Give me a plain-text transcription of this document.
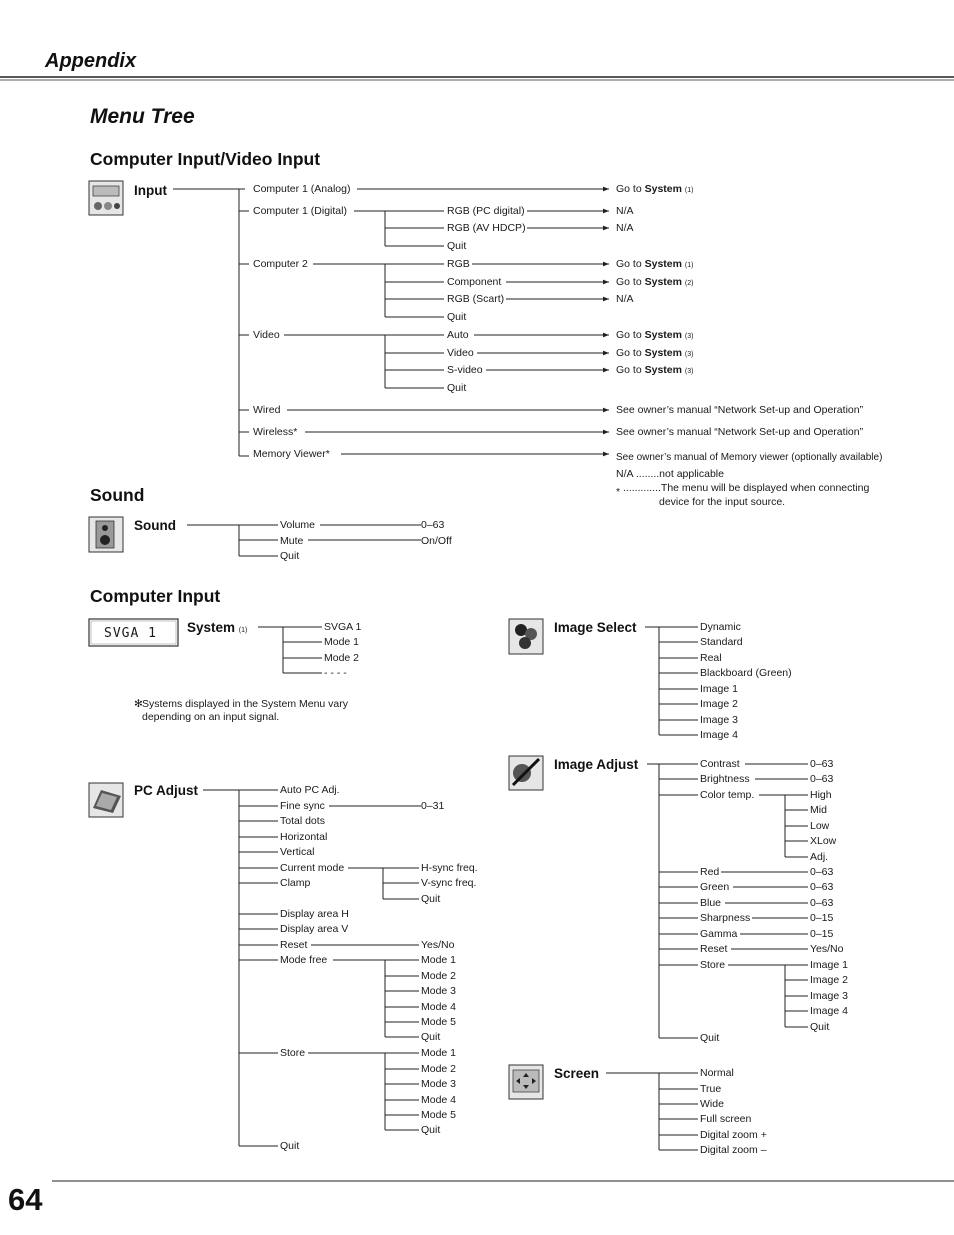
Appendix
Menu Tree
Computer Input/Video Input
Sound
Computer Input
64
SVGA 1
Input	Computer 1 (Analog)	Go to System (1)
Computer 1 (Digital)	RGB (PC digital)	N/A
RGB (AV HDCP)	N/A
Quit
Computer 2	RGB	Go to System (1)
Component	Go to System (2)
RGB (Scart)	N/A
Quit
Video	Auto	Go to System (3)
Video	Go to System (3)
S-video	Go to System (3)
Quit
Wired	See owner’s manual “Network Set-up and Operation”
Wireless*	See owner’s manual “Network Set-up and Operation”
Memory Viewer*	See owner’s manual of Memory viewer (optionally available)
N/A ........not applicable
* .............The menu will be displayed when connecting
device for the input source.
Sound	Volume	0–63
Mute	On/Off
Quit
System (1)	SVGA 1
Mode 1
Mode 2
- - - -
✻ Systems displayed in the System Menu vary
depending on an input signal.
PC Adjust	Auto PC Adj.
Fine sync	0–31
Total dots
Horizontal
Vertical
Current mode	H-sync freq.
Clamp	V-sync freq.
Quit
Display area H
Display area V
Reset	Yes/No
Mode free	Mode 1
Mode 2
Mode 3
Mode 4
Mode 5
Quit
Store	Mode 1
Mode 2
Mode 3
Mode 4
Mode 5
Quit
Quit
Image Select	Dynamic
Standard
Real
Blackboard (Green)
Image 1
Image 2
Image 3
Image 4
Image Adjust	Contrast	0–63
Brightness	0–63
Color temp.	High
Mid
Low
XLow
Adj.
Red	0–63
Green	0–63
Blue	0–63
Sharpness	0–15
Gamma	0–15
Reset	Yes/No
Store	Image 1
Image 2
Image 3
Image 4
Quit
Quit
Screen	Normal
True
Wide
Full screen
Digital zoom +
Digital zoom –
